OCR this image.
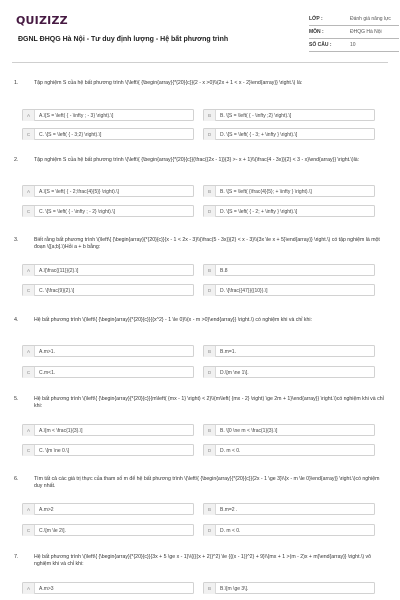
QUIZIZZ
ĐGNL ĐHQG Hà Nội - Tư duy định lượng - Hệ bất phương trình
LỚP :	Đánh giá năng lực
MÔN :	ĐHQG Hà Nội
SỐ CÂU :	10
1.	Tập nghiệm S của hệ bất phương trình \(\left\{ {\begin{array}{*{20}{c}}{2 - x >0}\\{2x + 1 < x - 2}\end{array}} \right.\) là:
A	A.\[S = \left( { - \infty ; - 3} \right).\]	B	B. \[S = \left( { - \infty ;2} \right).\]
C	C. \[S = \left( { - 3;2} \right).\]	D	D. \[S = \left( { - 3; + \infty } \right).\]
2.	Tập nghiệm S của hệ bất phương trình \(\left\{ {\begin{array}{*{20}{c}}{\frac{{2x - 1}}{3} >- x + 1}\\{\frac{4 - 3x}}{2} < 3 - x}\end{array}} \right.\)là:
A	A.\[S = \left( { - 2;\frac{4}{5}} \right).\]	B	B. \[S = \left( {\frac{4}{5}; + \infty } \right).\]
C	C. \[S = \left( { - \infty ; - 2} \right).\]	D	D. \[S = \left( { - 2; + \infty } \right).\]
3.	Biết rằng bất phương trình \(\left\{ {\begin{array}{*{20}{c}}{x - 1 < 2x - 3}\\{\frac{5 - 3x}}{2} < x - 3}\\{3x \le x + 5}\end{array}} \right.\) có tập nghiệm là một đoạn \([a;b].\)Hỏi a + b bằng:
A	A.\[\frac{{11}}{2}.\]	B	B.8
C	C. \[\frac{9}{2}.\]	D	D. \[\frac{{47}}{{10}}.\]
4.	Hệ bất phương trình \(\left\{ {\begin{array}{*{20}{c}}{{x^2} - 1 \le 0}\\{x - m >0}\end{array}} \right.\) có nghiệm khi và chỉ khi:
A	A.m>1.	B	B.m=1.
C	C.m<1.	D	D.\[m \ne 1\].
5.	Hệ bất phương trình \(\left\{ {\begin{array}{*{20}{c}}{m\left( {mx - 1} \right) < 2}\\{m\left( {mx - 2} \right) \ge 2m + 1}\end{array}} \right.\)có nghiệm khi và chỉ khi:
A	A.\[m < \frac{1}{3}.\]	B	B. \[0 \ne m < \frac{1}{3}.\]
C	C. \[m \ne 0.\]	D	D. m < 0.
6.	Tìm tất cả các giá trị thực của tham số m để hệ bất phương trình \(\left\{ {\begin{array}{*{20}{c}}{2x - 1 \ge 3}\\{x - m \le 0}\end{array}} \right.\)có nghiệm duy nhất.
A	A.m>2	B	B.m=2 .
C	C.\[m \le 2\].	D	D. m < 0.
7.	Hệ bất phương trình \(\left\{ {\begin{array}{*{20}{c}}{3x + 5 \ge x - 1}\\{{{(x + 2)}^2} \le {{(x - 1)}^2} + 9}\\{mx + 1 >(m - 2)x + m}\end{array}} \right.\) vô nghiệm khi và chỉ khi:
A	A.m>3	B	B.\[m \ge 3\].
